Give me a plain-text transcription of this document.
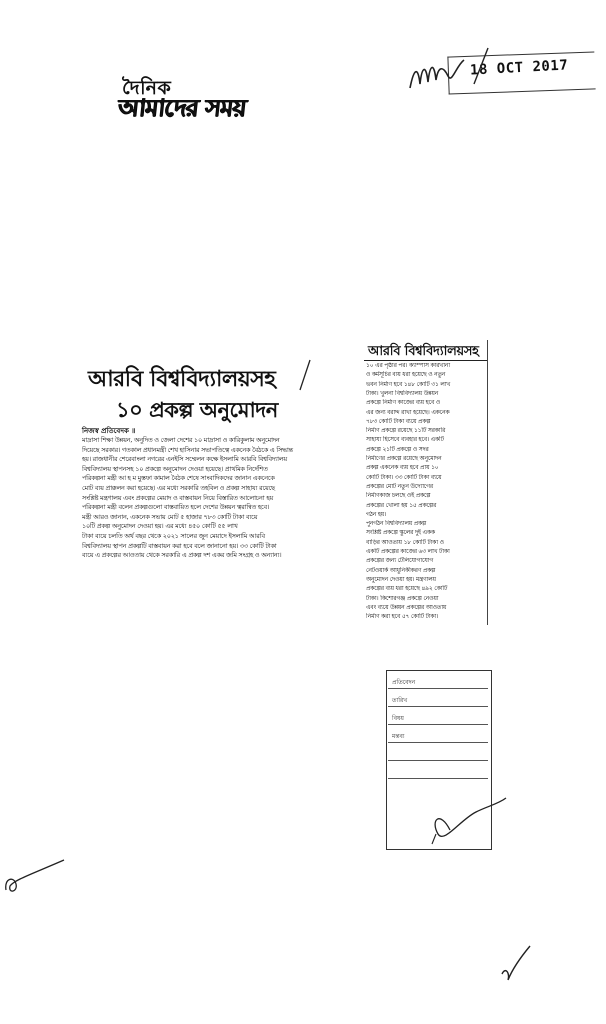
দৈনিক
আমাদের সময়
18 OCT 2017
আরবি বিশ্ববিদ্যালয়সহ
১০ প্রকল্প অনুমোদন
নিজস্ব প্রতিবেদক ॥
মাদ্রাসা শিক্ষা উন্নয়ন, অনুদিত ও জেলা দেশের ১০ মাদ্রাসা ও কারিকুলাম অনুমোদন
দিয়েছে সরকার। গতকাল প্রধানমন্ত্রী শেখ হাসিনার সভাপতিত্বে একনেক বৈঠকে এ সিদ্ধান্ত
হয়। রাজধানীর শেরেবাংলা নগরের এনইসি সম্মেলন কক্ষে ইসলামি আরবি বিশ্ববিদ্যালয়
বিশ্ববিদ্যালয় স্থাপনসহ ১০ প্রকল্পে অনুমোদন দেওয়া হয়েছে। প্রাথমিক নির্দেশিত
পরিকল্পনা মন্ত্রী আ হ ম মুস্তফা কামাল বৈঠক শেষে সাংবাদিকদের জানান একনেকে
মোট ব্যয় প্রাক্কলন করা হয়েছে। এর মধ্যে সরকারি তহবিল ও প্রকল্প সাহায্য রয়েছে
সংশ্লিষ্ট মন্ত্রণালয় এবং প্রকল্পের মেয়াদ ও বাস্তবায়ন নিয়ে বিস্তারিত আলোচনা হয়
পরিকল্পনা মন্ত্রী বলেন প্রকল্পগুলো বাস্তবায়িত হলে দেশের উন্নয়ন ত্বরান্বিত হবে।
মন্ত্রী আরও জানান, একনেক সভায় মোট ৫ হাজার ৭৮৩ কোটি টাকা ব্যয়ে
১০টি প্রকল্প অনুমোদন দেওয়া হয়। এর মধ্যে ৪৫০ কোটি ৫৫ লাখ
টাকা ব্যয়ে চলতি অর্থ বছর থেকে ২০২১ সালের জুন মেয়াদে ইসলামি আরবি
বিশ্ববিদ্যালয় স্থাপন প্রকল্পটি বাস্তবায়ন করা হবে বলে জানানো হয়। ৩৩ কোটি টাকা
ব্যয়ে এ প্রকল্পের আওতায় থেকে সরকারি এ প্রকল্প দশ একর জমি সংগ্রহ ও অন্যান্য।
আরবি বিশ্ববিদ্যালয়সহ
১০ এর পৃষ্ঠার পর। ক্যাম্পাস কারখানা
ও কর্মসূচির ব্যয় ধরা হয়েছে ও নতুন
ভবন নির্মাণ হবে ১৪৮ কোটি ৩১ লাখ
টাকা। খুলনা বিশ্ববিদ্যালয় উন্নয়ন
প্রকল্পে নির্মাণ কাজের ব্যয় হবে ও
এর জন্য বরাদ্দ রাখা হয়েছে। একনেক
৭৮৩ কোটি টাকা ব্যয়ে প্রকল্প
নির্মাণ প্রকল্পে রয়েছে ১১টি সরকারি
সাহায্য হিসেবে ব্যবহার হবে। একটি
প্রকল্পে ২১টি প্রকল্পে ও সদর
নির্মাণের প্রকল্পে রয়েছে অনুমোদন
প্রকল্প একনেক ব্যয় হবে প্রায় ১০
কোটি টাকা। ৩৩ কোটি টাকা ব্যয়ে
প্রকল্পের মোট নতুন উদ্যোগের
নির্মাণকাজ চলছে ওই প্রকল্পে
প্রকল্পের খোলা হয় ১৫ প্রকল্পের
গঠন হয়।
পুনর্গঠন বিশ্ববিদ্যালয় প্রকল্প
সংশ্লিষ্ট প্রকল্পে স্কুলের দুই একক
বাড়ির আওতায় ১৮ কোটি টাকা ও
একটি প্রকল্পের কাজের ৬৩ লাখ টাকা
প্রকল্পের জন্য টেলিযোগাযোগ
নেটওয়ার্ক আধুনিকীকরণ প্রকল্প
অনুমোদন দেওয়া হয়। মন্ত্রণালয়
প্রকল্পের ব্যয় ধরা হয়েছে ৪৯২ কোটি
টাকা। কিশোরগঞ্জ প্রকল্পে নেওয়া
এবং ব্যয়ে উন্নয়ন প্রকল্পের আওতায়
নির্মাণ করা হবে ৫৭ কোটি টাকা।
প্রতিবেদন
তারিখ
বিষয়
মন্তব্য
